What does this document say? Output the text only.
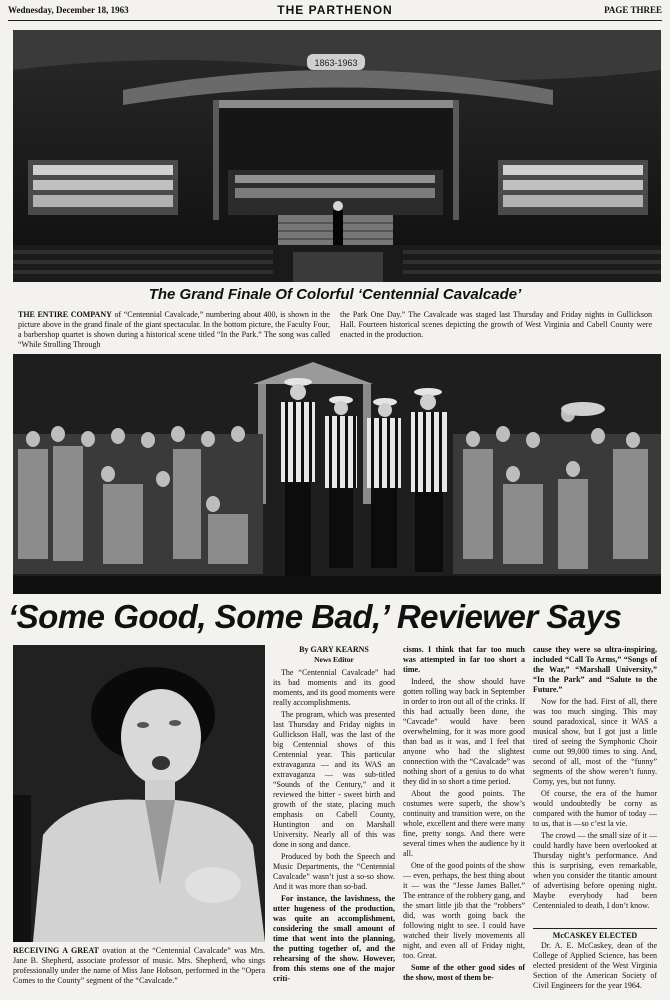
Wednesday, December 18, 1963	THE PARTHENON	PAGE THREE
1863-1963
The Grand Finale Of Colorful ‘Centennial Cavalcade’
THE ENTIRE COMPANY of “Centennial Cavalcade,” numbering about 400, is shown in the picture above in the grand finale of the giant spectacular. In the bottom picture, the Faculty Four, a barbershop quartet is shown during a historical scene titled “In the Park.” The song was called “While Strolling Through
the Park One Day.” The Cavalcade was staged last Thursday and Friday nights in Gullickson Hall. Fourteen historical scenes depicting the growth of West Virginia and Cabell County were enacted in the production.
‘Some Good, Some Bad,’ Reviewer Says
RECEIVING A GREAT ovation at the “Centennial Cavalcade” was Mrs. Jane B. Shepherd, associate professor of music. Mrs. Shepherd, who sings professionally under the name of Miss Jane Hobson, performed in the “Opera Comes to the County” segment of the “Cavalcade.”
By GARY KEARNS
News Editor

The “Centennial Cavalcade” had its bad moments and its good moments, and its good moments were really accomplishments.

The program, which was presented last Thursday and Friday nights in Gullickson Hall, was the last of the big Centennial shows of this Centennial year. This particular extravaganza — and its WAS an extravaganza — was sub-titled “Sounds of the Century,” and it reviewed the bitter - sweet birth and growth of the state, placing much emphasis on Cabell County, Huntington and on Marshall University. Nearly all of this was done in song and dance.

Produced by both the Speech and Music Departments, the “Centennial Cavalcade” wasn’t just a so-so show. And it was more than so-bad.

For instance, the lavishness, the utter hugeness of the production, was quite an accomplishment, considering the small amount of time that went into the planning, the putting together of, and the rehearsing of the show. However, from this stems one of the major criti-

cisms. I think that far too much was attempted in far too short a time.

Indeed, the show should have gotten rolling way back in September in order to iron out all of the crinks. If this had actually been done, the “Cavcade” would have been overwhelming, for it was more good than bad as it was, and I feel that anyone who had the slightest connection with the “Cavalcade” was nothing short of a genius to do what they did in so short a time period.

About the good points. The costumes were superb, the show’s continuity and transition were, on the whole, excellent and there were many fine, pretty songs. And there were several times when the audience by it all.

One of the good points of the show — even, perhaps, the best thing about it — was the “Jesse James Ballet.” The entrance of the robbery gang, and the smart little jib that the “robbers” did, was worth going back the following night to see. I could have watched their lively movements all night, and even all of Friday night, too. Great.

Some of the other good sides of the show, most of them be-

cause they were so ultra-inspiring, included “Call To Arms,” “Songs of the War,” “Marshall University,” “In the Park” and “Salute to the Future.”

Now for the bad. First of all, there was too much singing. This may sound paradoxical, since it WAS a musical show, but I got just a little tired of seeing the Symphonic Choir come out 99,000 times to sing. And, second of all, most of the “funny” segments of the show weren’t funny. Corny, yes, but not funny.

Of course, the era of the humor would undoubtedly be corny as compared with the humor of today — to us, that is —so c’est la vie.

The crowd — the small size of it — could hardly have been overlooked at Thursday night’s performance. And this is surprising, even remarkable, when you consider the titantic amount of advertising before opening night. Maybe everybody had been Centennialed to death, I don’t know.

McCASKEY ELECTED

Dr. A. E. McCaskey, dean of the College of Applied Science, has been elected president of the West Virginia Section of the American Society of Civil Engineers for the year 1964.
